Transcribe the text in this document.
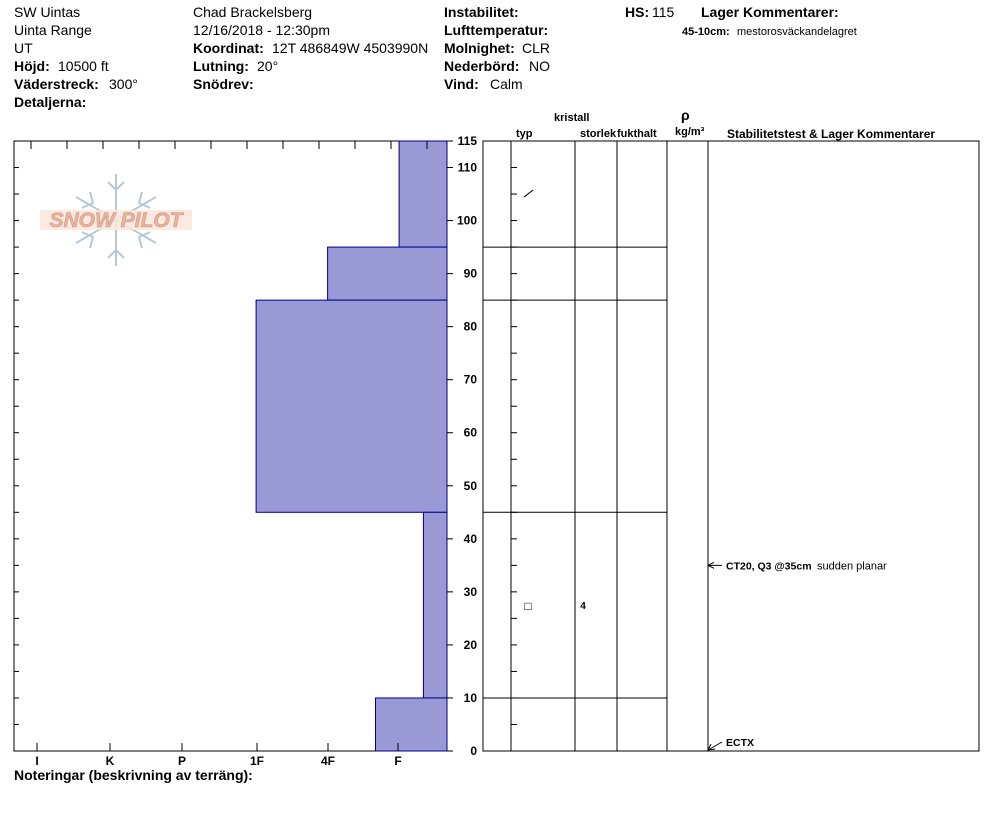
SW Uintas
Uinta Range
UT
Höjd: 10500 ft
Väderstreck: 300°
Detaljerna:
Chad Brackelsberg
12/16/2018 - 12:30pm
Koordinat: 12T 486849W 4503990N
Lutning: 20°
Snödrev:
Instabilitet:
Lufttemperatur:
Molnighet: CLR
Nederbörd: NO
Vind: Calm
HS: 115 Lager Kommentarer:
45-10cm: mestorosväckandelagret
kristall
typ	storlek fukthalt
ρ
kg/m³ Stabilitetstest & Lager Kommentarer
SNOW PILOT
I	K	P	1F	4F	F
0
10
20
30
40
50
60
70
80
90
100
110
115
□	4
CT20, Q3 @35cm sudden planar
ECTX
Noteringar (beskrivning av terräng):
